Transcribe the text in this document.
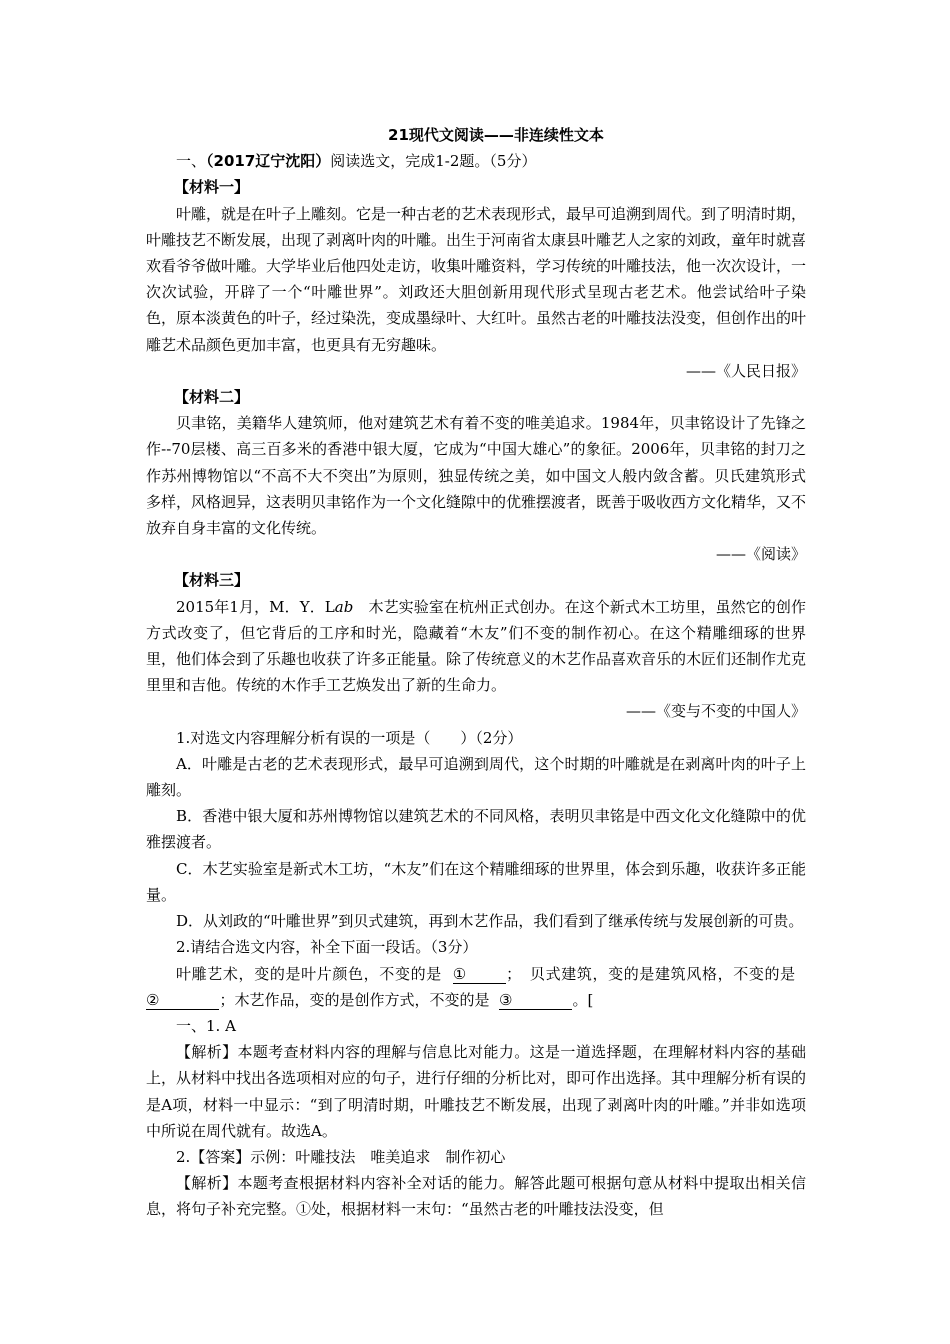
21现代文阅读——非连续性文本

一、（2017辽宁沈阳）阅读选文，完成1-2题。（5分）

【材料一】

叶雕，就是在叶子上雕刻。它是一种古老的艺术表现形式，最早可追溯到周代。到了明清时期，叶雕技艺不断发展，出现了剥离叶肉的叶雕。出生于河南省太康县叶雕艺人之家的刘政，童年时就喜欢看爷爷做叶雕。大学毕业后他四处走访，收集叶雕资料，学习传统的叶雕技法，他一次次设计，一次次试验，开辟了一个“叶雕世界”。刘政还大胆创新用现代形式呈现古老艺术。他尝试给叶子染色，原本淡黄色的叶子，经过染洗，变成墨绿叶、大红叶。虽然古老的叶雕技法没变，但创作出的叶雕艺术品颜色更加丰富，也更具有无穷趣味。

——《人民日报》

【材料二】

贝聿铭，美籍华人建筑师，他对建筑艺术有着不变的唯美追求。1984年，贝聿铭设计了先锋之作--70层楼、高三百多米的香港中银大厦，它成为“中国大雄心”的象征。2006年，贝聿铭的封刀之作苏州博物馆以“不高不大不突出”为原则，独显传统之美，如中国文人般内敛含蓄。贝氏建筑形式多样，风格迥异，这表明贝聿铭作为一个文化缝隙中的优雅摆渡者，既善于吸收西方文化精华，又不放弃自身丰富的文化传统。

——《阅读》

【材料三】

2015年1月，M．Y．Lab　木艺实验室在杭州正式创办。在这个新式木工坊里，虽然它的创作方式改变了，但它背后的工序和时光，隐藏着“木友”们不变的制作初心。在这个精雕细琢的世界里，他们体会到了乐趣也收获了许多正能量。除了传统意义的木艺作品喜欢音乐的木匠们还制作尤克里里和吉他。传统的木作手工艺焕发出了新的生命力。

——《变与不变的中国人》

1.对选文内容理解分析有误的一项是（　　）（2分）

A．叶雕是古老的艺术表现形式，最早可追溯到周代，这个时期的叶雕就是在剥离叶肉的叶子上雕刻。

B．香港中银大厦和苏州博物馆以建筑艺术的不同风格，表明贝聿铭是中西文化文化缝隙中的优雅摆渡者。

C．木艺实验室是新式木工坊，“木友”们在这个精雕细琢的世界里，体会到乐趣，收获许多正能量。

D．从刘政的“叶雕世界”到贝式建筑，再到木艺作品，我们看到了继承传统与发展创新的可贵。

2.请结合选文内容，补全下面一段话。（3分）

叶雕艺术，变的是叶片颜色，不变的是 ①	；　贝式建筑，变的是建筑风格，不变的是  ②	；木艺作品，变的是创作方式，不变的是 ③	。[

一、1. A

【解析】本题考查材料内容的理解与信息比对能力。这是一道选择题，在理解材料内容的基础上，从材料中找出各选项相对应的句子，进行仔细的分析比对，即可作出选择。其中理解分析有误的是A项，材料一中显示：“到了明清时期，叶雕技艺不断发展，出现了剥离叶肉的叶雕。”并非如选项中所说在周代就有。故选A。

2.【答案】示例：叶雕技法　唯美追求　制作初心

【解析】本题考查根据材料内容补全对话的能力。解答此题可根据句意从材料中提取出相关信息，将句子补充完整。①处，根据材料一末句：“虽然古老的叶雕技法没变，但
